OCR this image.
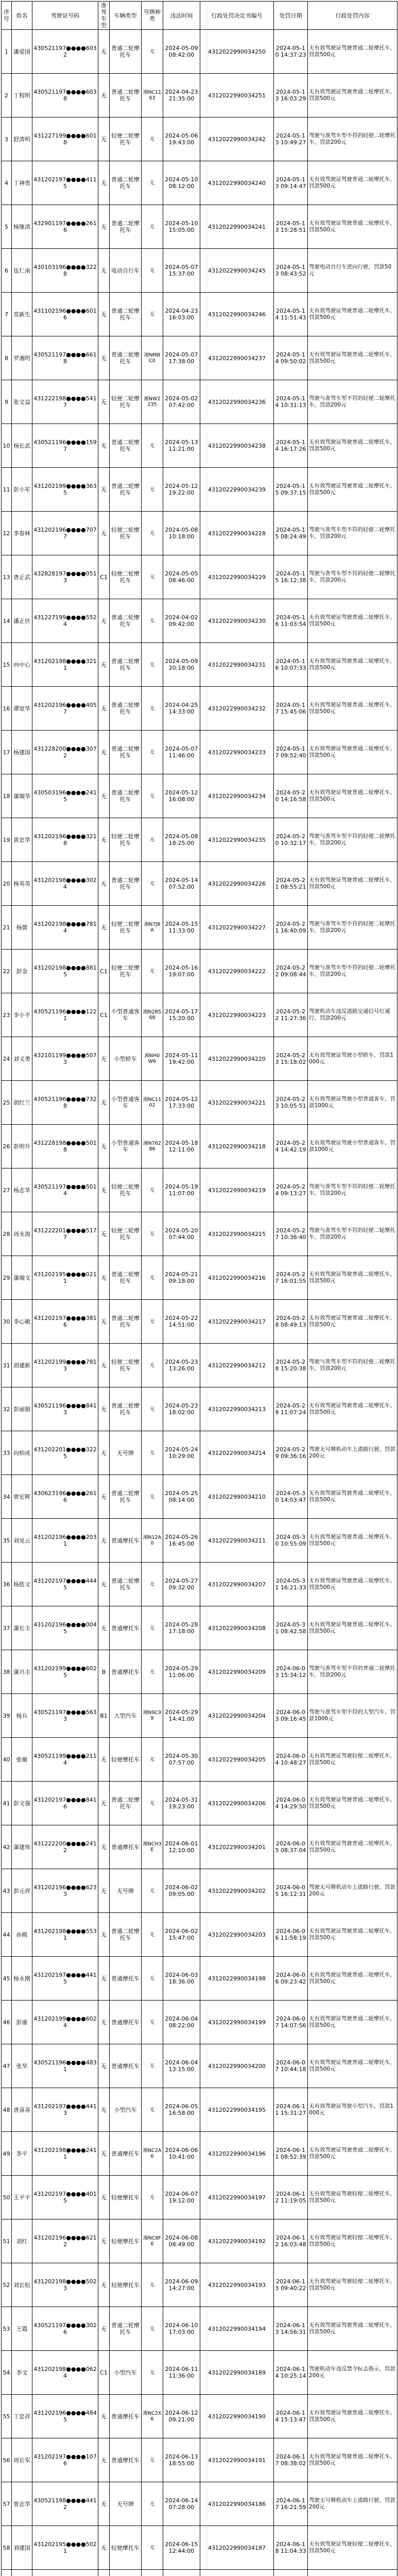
序号	姓名	驾驶证号码	准驾车型	车辆类型	号牌种类	违法时间	行政处罚决定书编号	处罚日期	行政处罚内容
1	潘爱国	430521197●●●●6032	无	普通二轮摩托车	无	2024-05-09 08:42:00	4312022990034250	2024-05-10 14:37:23	无有效驾驶证驾驶普通二轮摩托车，罚款500元
2	丁程明	430521197●●●●6038	无	普通二轮摩托车	湘NC1163	2024-04-23 21:35:00	4312022990034251	2024-05-13 16:03:29	无有效驾驶证驾驶普通二轮摩托车，罚款500元
3	舒清明	431227199●●●●6018	无	轻便二轮摩托车	无	2024-05-06 19:43:00	4312022990034242	2024-05-13 10:49:27	驾驶与准驾车型不符的轻便二轮摩托车，罚款200元
4	丁神贵	431202197●●●●4115	无	普通二轮摩托车	无	2024-05-10 08:12:00	4312022990034240	2024-05-13 09:14:47	无有效驾驶证驾驶普通二轮摩托车，罚款500元
5	杨继清	432901197●●●●2616	无	普通二轮摩托车	无	2024-05-10 15:05:00	4312022990034241	2024-05-13 15:28:51	无有效驾驶证驾驶普通二轮摩托车，罚款500元
6	伍仁南	430103196●●●●3228	无	电动自行车	无	2024-05-07 15:37:00	4312022990034245	2024-05-13 08:43:52	驾驶电动自行车逆向行驶，罚款50元
7	莫新生	431102196●●●●6016	无	普通二轮摩托车	无	2024-04-23 16:03:00	4312022990034246	2024-05-14 11:51:43	无有效驾驶证驾驶普通二轮摩托车，罚款500元
8	罗湘明	430521197●●●●6618	无	普通二轮摩托车	湘NMBC0	2024-05-07 17:38:00	4312022990034237	2024-05-14 09:50:02	无有效驾驶证驾驶普通二轮摩托车，罚款500元
9	张文益	431222198●●●●5417	无	轻便二轮摩托车	湘NW2235	2024-05-02 07:42:00	4312022990034236	2024-05-14 10:31:13	驾驶与准驾车型不符的轻便二轮摩托车，罚款200元
10	杨长武	430521196●●●●1597	无	普通二轮摩托车	无	2024-05-13 11:21:00	4312022990034238	2024-05-14 16:17:26	无有效驾驶证驾驶普通二轮摩托车，罚款500元
11	彭小军	431202199●●●●3635	无	普通二轮摩托车	无	2024-05-12 19:22:00	4312022990034239	2024-05-15 09:37:15	无有效驾驶证驾驶普通二轮摩托车，罚款500元
12	李春林	431202196●●●●7077	无	轻便二轮摩托车	无	2024-05-08 10:18:00	4312022990034228	2024-05-15 08:24:49	驾驶与准驾车型不符的轻便二轮摩托车，罚款200元
13	唐正武	432828197●●●●0513	C1	轻便二轮摩托车	无	2024-05-05 08:46:00	4312022990034229	2024-05-15 16:12:38	驾驶与准驾车型不符的轻便二轮摩托车，罚款200元
14	潘正伏	431227199●●●●5524	无	普通二轮摩托车	无	2024-04-02 09:42:00	4312022990034230	2024-05-16 11:03:54	无有效驾驶证驾驶普通二轮摩托车，罚款500元
15	向中心	431202198●●●●3211	无	普通二轮摩托车	无	2024-05-09 20:18:00	4312022990034231	2024-05-16 10:07:33	无有效驾驶证驾驶普通二轮摩托车，罚款500元
16	谭宽华	431202196●●●●4057	无	普通二轮摩托车	无	2024-04-25 14:33:00	4312022990034232	2024-05-17 15:45:06	无有效驾驶证驾驶普通二轮摩托车，罚款500元
17	杨建国	431228200●●●●3072	无	普通二轮摩托车	无	2024-05-07 11:46:00	4312022990034233	2024-05-17 09:52:40	无有效驾驶证驾驶普通二轮摩托车，罚款500元
18	蒲瑞华	430503196●●●●2415	无	普通二轮摩托车	无	2024-05-12 16:08:00	4312022990034234	2024-05-20 14:16:58	无有效驾驶证驾驶普通二轮摩托车，罚款500元
19	黄忠华	431202196●●●●3218	无	轻便二轮摩托车	无	2024-05-08 18:25:00	4312022990034235	2024-05-20 10:32:17	驾驶与准驾车型不符的轻便二轮摩托车，罚款200元
20	杨英英	431202198●●●●3024	无	普通二轮摩托车	无	2024-05-14 07:52:00	4312022990034226	2024-05-21 08:55:21	无有效驾驶证驾驶普通二轮摩托车，罚款500元
21	杨箭	431202198●●●●7814	无	轻便二轮摩托车	湘N7J8A	2024-05-15 11:33:00	4312022990034227	2024-05-21 16:40:09	驾驶与准驾车型不符的轻便二轮摩托车，罚款200元
22	彭金	431202198●●●●8815	C1	轻便二轮摩托车	无	2024-05-16 19:07:00	4312022990034222	2024-05-22 09:08:44	驾驶与准驾车型不符的轻便二轮摩托车，罚款200元
23	李小平	430521196●●●●1221	C1	小型普通客车	湘N2B568	2024-05-17 15:20:00	4312022990034223	2024-05-22 11:27:36	驾驶机动车违反道路交通信号灯通行，罚款200元
24	刘义勇	432101199●●●●5073	无	小型轿车	湘NH0W6	2024-05-11 19:42:00	4312022990034220	2024-05-23 15:18:02	无有效驾驶证驾驶小型轿车，罚款1000元
25	胡红兰	430521196●●●●7328	无	小型普通客车	湘NC1102	2024-05-12 17:33:00	4312022990034221	2024-05-23 10:05:51	无有效驾驶证驾驶小型普通客车，罚款1000元
26	彭明升	431228198●●●●5018	无	小型普通客车	湘N76286	2024-05-18 12:11:00	4312022990034218	2024-05-24 14:42:19	无有效驾驶证驾驶小型普通客车，罚款1000元
27	杨志华	430521197●●●●5014	无	轻便二轮摩托车	无	2024-05-19 11:07:00	4312022990034219	2024-05-24 09:13:27	驾驶与准驾车型不符的轻便二轮摩托车，罚款200元
28	周永海	431222201●●●●5177	无	轻便二轮摩托车	无	2024-05-20 07:44:00	4312022990034215	2024-05-27 10:36:40	驾驶与准驾车型不符的轻便二轮摩托车，罚款200元
29	蒲瑞文	431202195●●●●0211	无	普通二轮摩托车	无	2024-05-21 09:18:00	4312022990034216	2024-05-27 16:01:55	无有效驾驶证驾驶普通二轮摩托车，罚款500元
30	李心敏	431202197●●●●3816	无	普通二轮摩托车	无	2024-05-22 14:51:00	4312022990034217	2024-05-28 08:49:13	无有效驾驶证驾驶普通二轮摩托车，罚款500元
31	胡建新	431202199●●●●7813	无	轻便二轮摩托车	无	2024-05-23 13:26:00	4312022990034212	2024-05-28 15:20:38	驾驶与准驾车型不符的轻便二轮摩托车，罚款200元
32	彭丽娟	430521196●●●●8413	无	普通二轮摩托车	无	2024-05-23 18:02:00	4312022990034213	2024-05-29 11:07:24	无有效驾驶证驾驶普通二轮摩托车，罚款500元
33	向柏成	431202201●●●●3225	无	无号牌	无	2024-05-24 10:29:00	4312022990034214	2024-05-29 09:36:16	驾驶无号牌机动车上道路行驶，罚款200元
34	曾宏辉	430623196●●●●2616	无	普通二轮摩托车	无	2024-05-25 08:14:00	4312022990034210	2024-05-30 14:03:47	无有效驾驶证驾驶普通二轮摩托车，罚款500元
35	刘见云	431202196●●●●2031	无	普通摩托车	湘N12A0	2024-05-26 16:45:00	4312022990034211	2024-05-30 10:55:09	无有效驾驶证驾驶普通二轮摩托车，罚款500元
36	杨胜文	431202197●●●●4445	无	普通二轮摩托车	无	2024-05-27 09:32:00	4312022990034207	2024-05-31 16:21:33	无有效驾驶证驾驶普通二轮摩托车，罚款500元
37	蒲长圭	431202196●●●●0045	无	普通摩托车	无	2024-05-28 17:18:00	4312022990034208	2024-05-31 08:42:58	无有效驾驶证驾驶普通二轮摩托车，罚款500元
38	蒲兴圭	431202199●●●●6025	B	普通摩托车	无	2024-05-29 11:06:00	4312022990034209	2024-06-03 15:34:12	驾驶与准驾车型不符的普通二轮摩托车，罚款200元
39	杨兵	430521197●●●●5633	B1	大型汽车	湘N9C99	2024-05-29 14:41:00	4312022990034204	2024-06-03 09:16:45	驾驶与准驾车型不符的大型汽车，罚款1000元
40	张敏	430521199●●●●2114	无	轻便摩托车	无	2024-05-30 07:57:00	4312022990034205	2024-06-04 10:48:27	无有效驾驶证驾驶轻便二轮摩托车，罚款500元
41	彭文强	431202197●●●●8416	无	普通二轮摩托车	无	2024-05-31 19:23:00	4312022990034206	2024-06-04 14:29:50	无有效驾驶证驾驶普通二轮摩托车，罚款500元
42	蒲建伟	431222200●●●●2412	无	普通摩托车	湘NCH3E	2024-06-01 12:10:00	4312022990034201	2024-06-05 08:37:04	无有效驾驶证驾驶普通二轮摩托车，罚款500元
43	彭元祥	431202196●●●●6233	无	无号牌	无	2024-06-02 09:05:00	4312022990034202	2024-06-05 16:12:31	驾驶无号牌机动车上道路行驶，罚款200元
44	孙桃	431202198●●●●5531	无	普通二轮摩托车	无	2024-06-02 15:47:00	4312022990034203	2024-06-06 11:58:19	无有效驾驶证驾驶普通二轮摩托车，罚款500元
45	杨永刚	431202197●●●●4415	无	普通摩托车	无	2024-06-03 18:36:00	4312022990034198	2024-06-06 09:23:42	无有效驾驶证驾驶普通二轮摩托车，罚款500元
46	彭康	431202199●●●●6024	无	普通摩托车	无	2024-06-04 08:22:00	4312022990034199	2024-06-07 14:07:56	无有效驾驶证驾驶普通二轮摩托车，罚款500元
47	张华	430521196●●●●4831	无	普通摩托车	无	2024-06-04 13:15:00	4312022990034200	2024-06-07 10:44:18	无有效驾驶证驾驶普通二轮摩托车，罚款500元
48	唐喜喜	431202197●●●●4413	无	小型汽车	无	2024-06-05 16:58:00	4312022990034195	2024-06-11 15:31:27	无有效驾驶证驾驶小型汽车，罚款1000元
49	李平	431202198●●●●2411	无	普通摩托车	湘NC2A6	2024-06-06 10:41:00	4312022990034196	2024-06-11 08:52:39	无有效驾驶证驾驶普通二轮摩托车，罚款500元
50	王平平	431202197●●●●4015	无	轻便摩托车	无	2024-06-07 19:12:00	4312022990034197	2024-06-12 11:19:05	无有效驾驶证驾驶轻便二轮摩托车，罚款500元
51	刘红	431202196●●●●6212	无	轻便摩托车	湘NC8F6	2024-06-08 08:49:00	4312022990034192	2024-06-12 16:03:48	无有效驾驶证驾驶轻便二轮摩托车，罚款500元
52	刘长松	431202198●●●●5023	无	轻便摩托车	无	2024-06-09 14:27:00	4312022990034193	2024-06-13 09:40:22	无有效驾驶证驾驶轻便二轮摩托车，罚款500元
53	王霞	430521197●●●●3026	无	普通二轮摩托车	无	2024-06-10 17:03:00	4312022990034194	2024-06-13 14:56:31	无有效驾驶证驾驶普通二轮摩托车，罚款500元
54	李文	431202198●●●●0624	C1	小型汽车	无	2024-06-11 11:36:00	4312022990034189	2024-06-14 10:25:14	驾驶机动车违反禁令标志指示，罚款200元
55	丁忠祥	431202196●●●●4845	无	普通摩托车	湘NC2X6	2024-06-12 09:21:00	4312022990034190	2024-06-14 15:13:47	无有效驾驶证驾驶普通二轮摩托车，罚款500元
56	周长军	431202197●●●●1076	无	普通摩托车	无	2024-06-13 18:55:00	4312022990034191	2024-06-17 08:38:02	无有效驾驶证驾驶普通二轮摩托车，罚款500元
57	曾志华	430521198●●●●4412	无	无号牌	无	2024-06-14 07:28:00	4312022990034186	2024-06-17 16:21:59	驾驶无号牌机动车上道路行驶，罚款200元
58	刘建国	431202195●●●●5021	无	轻便摩托车	无	2024-06-15 12:44:00	4312022990034187	2024-06-18 11:04:33	无有效驾驶证驾驶轻便二轮摩托车，罚款500元
